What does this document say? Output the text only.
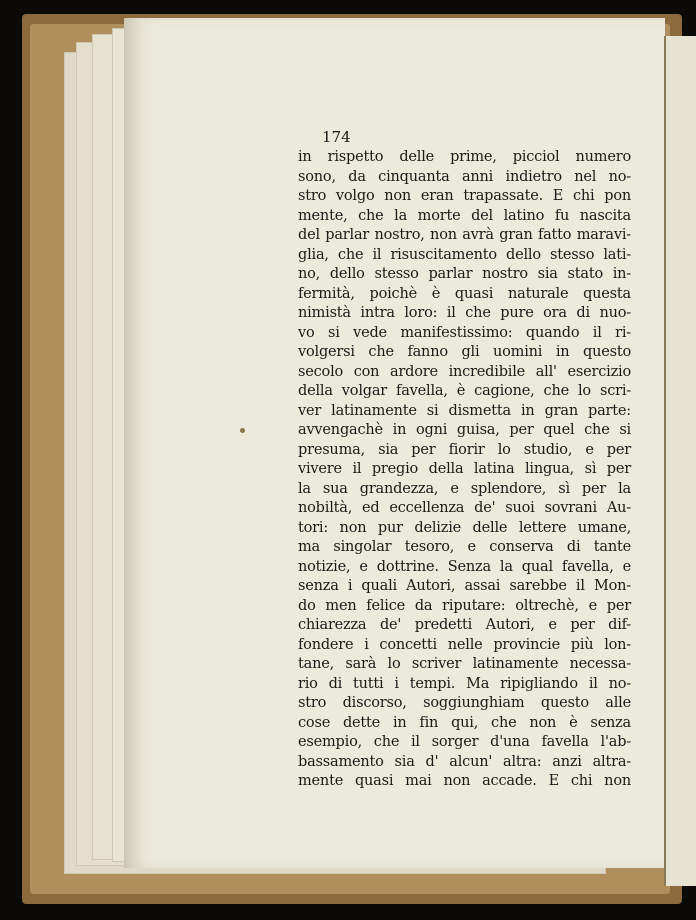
174
in rispetto delle prime, picciol numero
sono, da cinquanta anni indietro nel no-
stro volgo non eran trapassate. E chi pon
mente, che la morte del latino fu nascita
del parlar nostro, non avrà gran fatto maravi-
glia, che il risuscitamento dello stesso lati-
no, dello stesso parlar nostro sia stato in-
fermità, poichè è quasi naturale questa
nimistà intra loro: il che pure ora di nuo-
vo si vede manifestissimo: quando il ri-
volgersi che fanno gli uomini in questo
secolo con ardore incredibile all' esercizio
della volgar favella, è cagione, che lo scri-
ver latinamente si dismetta in gran parte:
avvengachè in ogni guisa, per quel che si
presuma, sia per fiorir lo studio, e per
vivere il pregio della latina lingua, sì per
la sua grandezza, e splendore, sì per la
nobiltà, ed eccellenza de' suoi sovrani Au-
tori: non pur delizie delle lettere umane,
ma singolar tesoro, e conserva di tante
notizie, e dottrine. Senza la qual favella, e
senza i quali Autori, assai sarebbe il Mon-
do men felice da riputare: oltrechè, e per
chiarezza de' predetti Autori, e per dif-
fondere i concetti nelle provincie più lon-
tane, sarà lo scriver latinamente necessa-
rio di tutti i tempi. Ma ripigliando il no-
stro discorso, soggiunghiam questo alle
cose dette in fin qui, che non è senza
esempio, che il sorger d'una favella l'ab-
bassamento sia d' alcun' altra: anzi altra-
mente quasi mai non accade. E chi non
